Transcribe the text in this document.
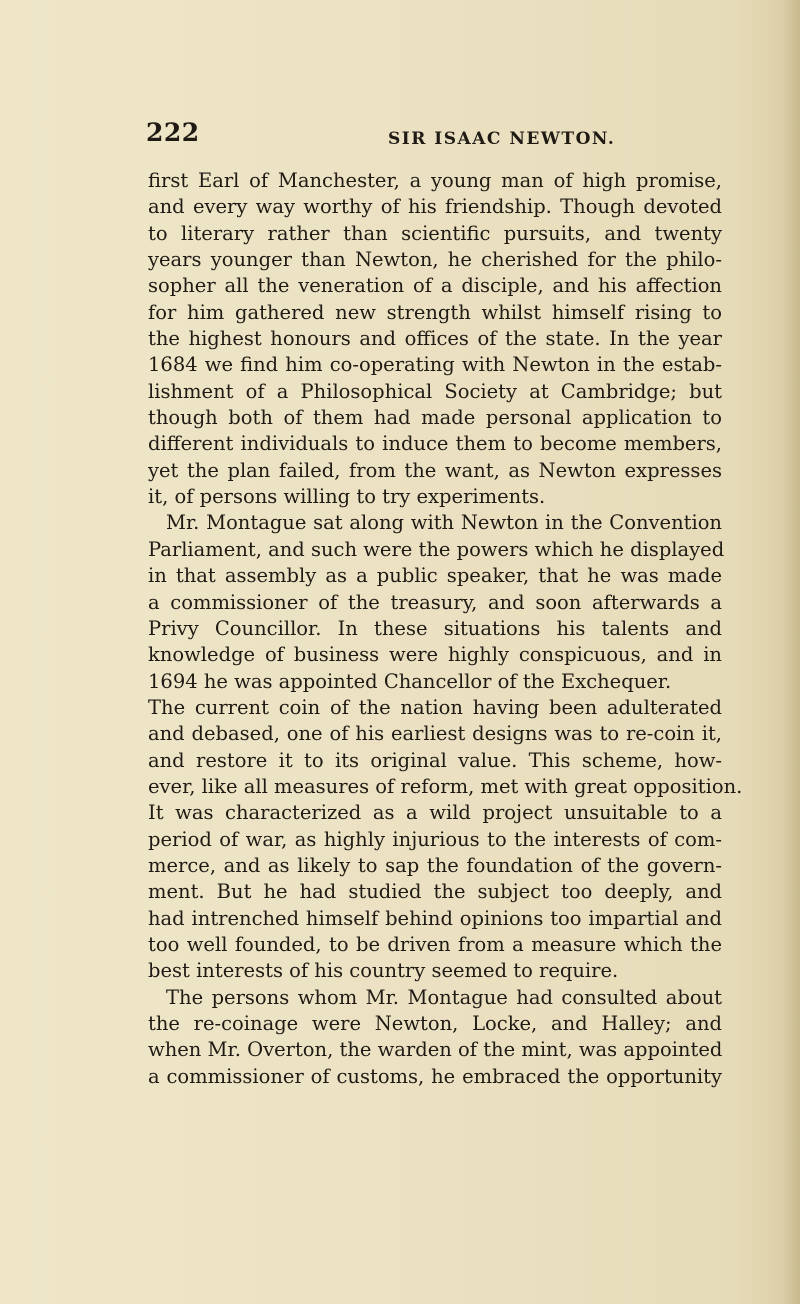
222	SIR ISAAC NEWTON.
first Earl of Manchester, a young man of high promise,
and every way worthy of his friendship. Though devoted
to literary rather than scientific pursuits, and twenty
years younger than Newton, he cherished for the philo-
sopher all the veneration of a disciple, and his affection
for him gathered new strength whilst himself rising to
the highest honours and offices of the state. In the year
1684 we find him co-operating with Newton in the estab-
lishment of a Philosophical Society at Cambridge; but
though both of them had made personal application to
different individuals to induce them to become members,
yet the plan failed, from the want, as Newton expresses
it, of persons willing to try experiments.
Mr. Montague sat along with Newton in the Convention
Parliament, and such were the powers which he displayed
in that assembly as a public speaker, that he was made
a commissioner of the treasury, and soon afterwards a
Privy Councillor. In these situations his talents and
knowledge of business were highly conspicuous, and in
1694 he was appointed Chancellor of the Exchequer.
The current coin of the nation having been adulterated
and debased, one of his earliest designs was to re-coin it,
and restore it to its original value. This scheme, how-
ever, like all measures of reform, met with great opposition.
It was characterized as a wild project unsuitable to a
period of war, as highly injurious to the interests of com-
merce, and as likely to sap the foundation of the govern-
ment. But he had studied the subject too deeply, and
had intrenched himself behind opinions too impartial and
too well founded, to be driven from a measure which the
best interests of his country seemed to require.
The persons whom Mr. Montague had consulted about
the re-coinage were Newton, Locke, and Halley; and
when Mr. Overton, the warden of the mint, was appointed
a commissioner of customs, he embraced the opportunity
